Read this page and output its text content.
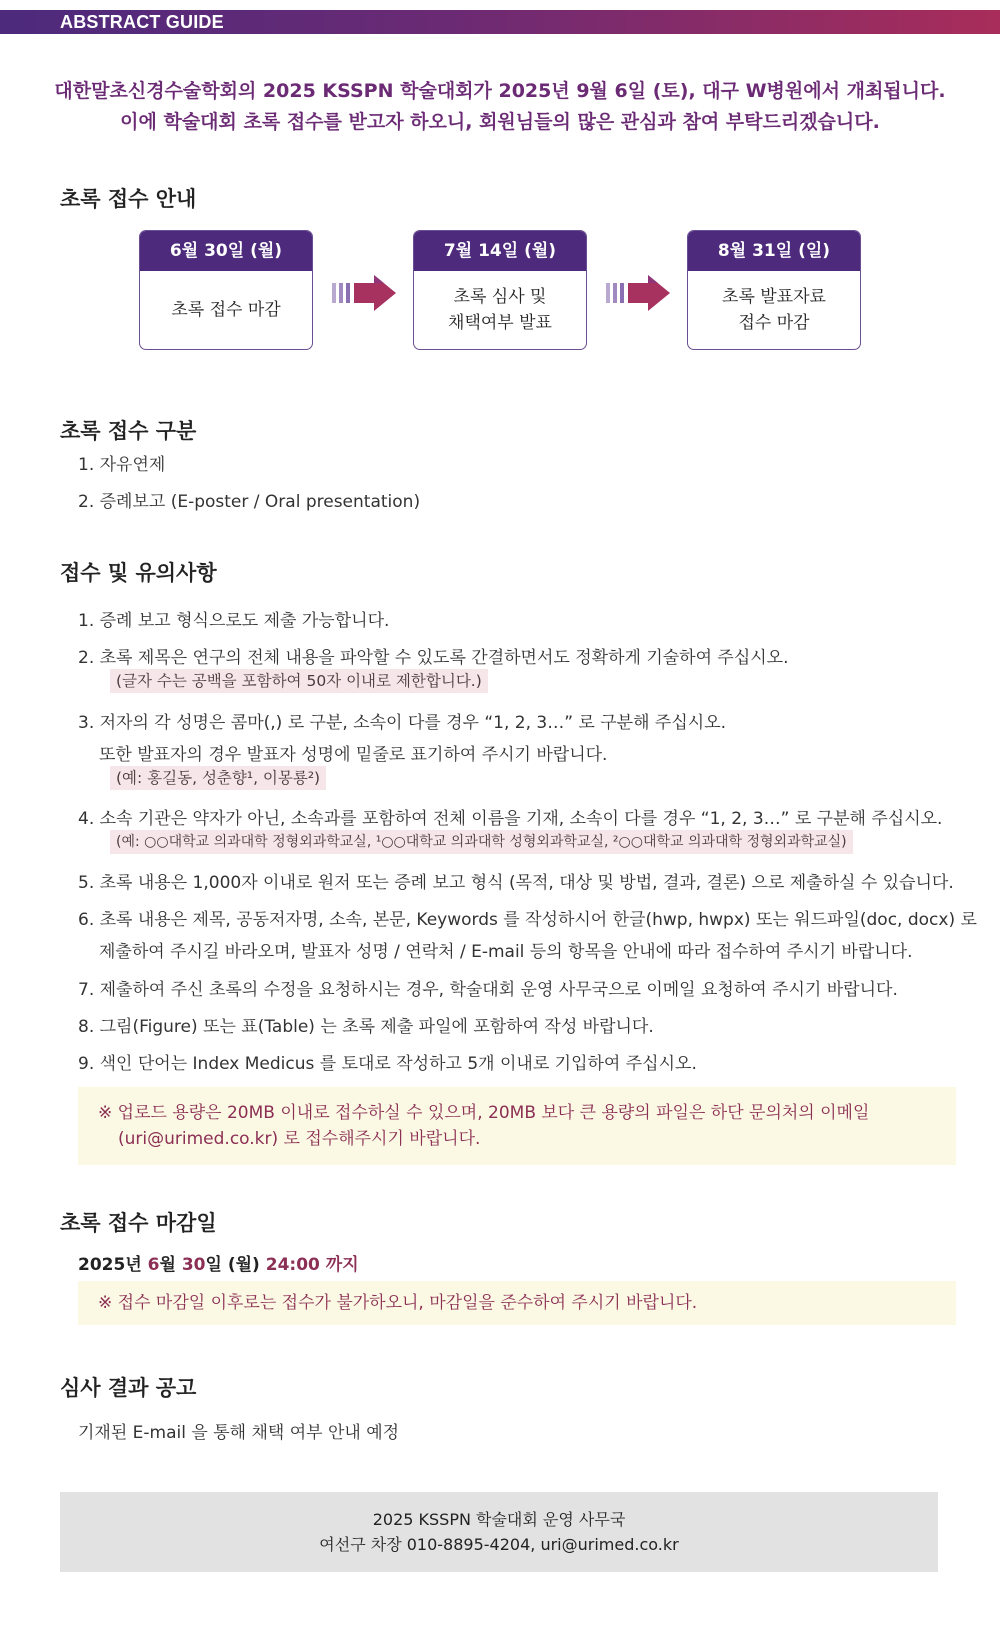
ABSTRACT GUIDE
대한말초신경수술학회의 2025 KSSPN 학술대회가 2025년 9월 6일 (토), 대구 W병원에서 개최됩니다.
이에 학술대회 초록 접수를 받고자 하오니, 회원님들의 많은 관심과 참여 부탁드리겠습니다.
초록 접수 안내
6월 30일 (월)
초록 접수 마감
7월 14일 (월)
초록 심사 및
채택여부 발표
8월 31일 (일)
초록 발표자료
접수 마감
초록 접수 구분
1. 자유연제
2. 증례보고 (E-poster / Oral presentation)
접수 및 유의사항
1. 증례 보고 형식으로도 제출 가능합니다.
2. 초록 제목은 연구의 전체 내용을 파악할 수 있도록 간결하면서도 정확하게 기술하여 주십시오.
(글자 수는 공백을 포함하여 50자 이내로 제한합니다.)
3. 저자의 각 성명은 콤마(,) 로 구분, 소속이 다를 경우 “1, 2, 3…” 로 구분해 주십시오.
또한 발표자의 경우 발표자 성명에 밑줄로 표기하여 주시기 바랍니다.
(예: 홍길동, 성춘향¹, 이몽룡²)
4. 소속 기관은 약자가 아닌, 소속과를 포함하여 전체 이름을 기재, 소속이 다를 경우 “1, 2, 3…” 로 구분해 주십시오.
(예: ○○대학교 의과대학 정형외과학교실, ¹○○대학교 의과대학 성형외과학교실, ²○○대학교 의과대학 정형외과학교실)
5. 초록 내용은 1,000자 이내로 원저 또는 증례 보고 형식 (목적, 대상 및 방법, 결과, 결론) 으로 제출하실 수 있습니다.
6. 초록 내용은 제목, 공동저자명, 소속, 본문, Keywords 를 작성하시어 한글(hwp, hwpx) 또는 워드파일(doc, docx) 로
제출하여 주시길 바라오며, 발표자 성명 / 연락처 / E-mail 등의 항목을 안내에 따라 접수하여 주시기 바랍니다.
7. 제출하여 주신 초록의 수정을 요청하시는 경우, 학술대회 운영 사무국으로 이메일 요청하여 주시기 바랍니다.
8. 그림(Figure) 또는 표(Table) 는 초록 제출 파일에 포함하여 작성 바랍니다.
9. 색인 단어는 Index Medicus 를 토대로 작성하고 5개 이내로 기입하여 주십시오.
※ 업로드 용량은 20MB 이내로 접수하실 수 있으며, 20MB 보다 큰 용량의 파일은 하단 문의처의 이메일
(uri@urimed.co.kr) 로 접수해주시기 바랍니다.
초록 접수 마감일
2025년 6월 30일 (월) 24:00 까지
※ 접수 마감일 이후로는 접수가 불가하오니, 마감일을 준수하여 주시기 바랍니다.
심사 결과 공고
기재된 E-mail 을 통해 채택 여부 안내 예정
2025 KSSPN 학술대회 운영 사무국
여선구 차장 010-8895-4204, uri@urimed.co.kr
